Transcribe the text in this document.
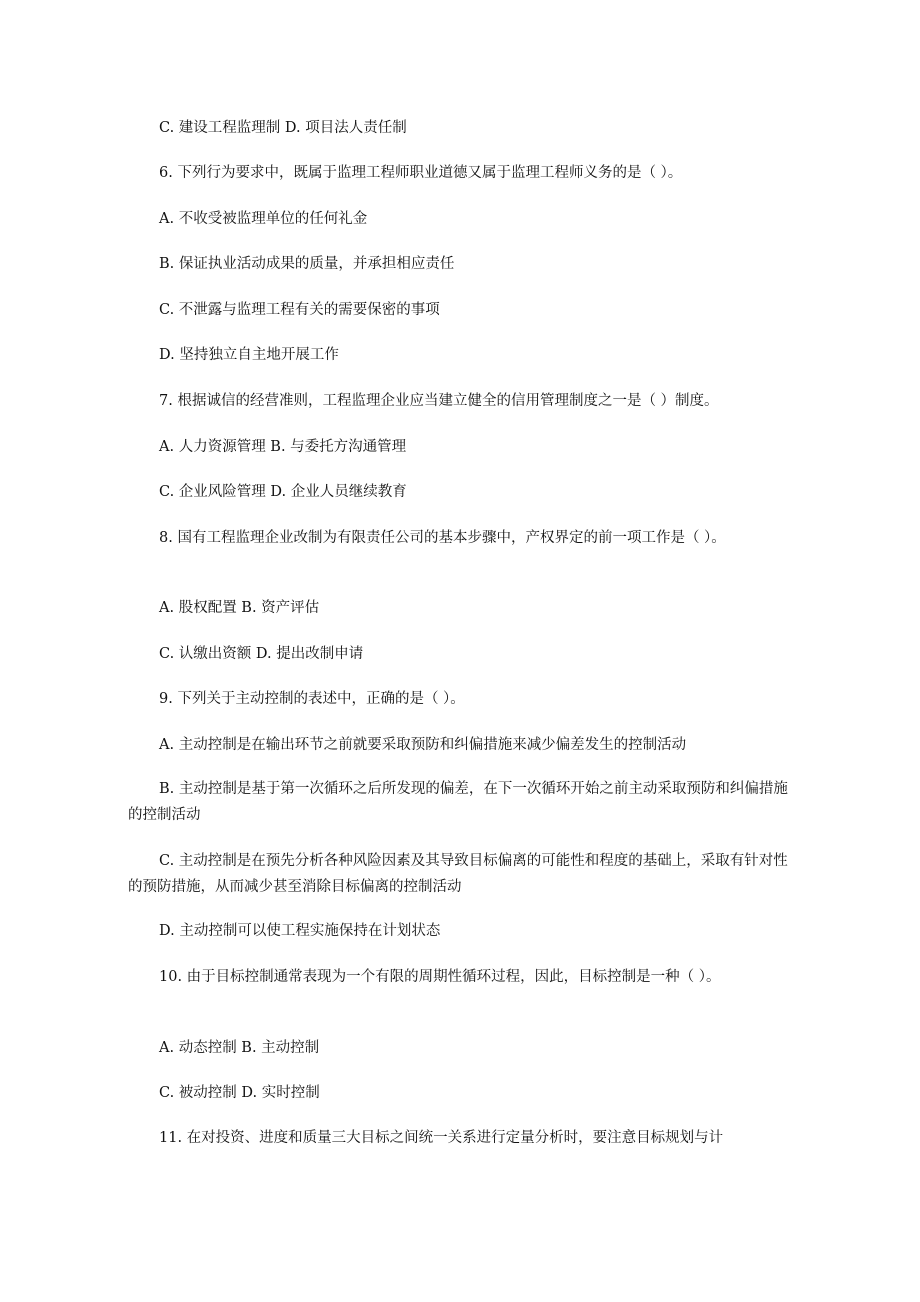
C. 建设工程监理制 D. 项目法人责任制
6. 下列行为要求中，既属于监理工程师职业道德又属于监理工程师义务的是（ ）。
A. 不收受被监理单位的任何礼金
B. 保证执业活动成果的质量，并承担相应责任
C. 不泄露与监理工程有关的需要保密的事项
D. 坚持独立自主地开展工作
7. 根据诚信的经营准则，工程监理企业应当建立健全的信用管理制度之一是（ ）制度。
A. 人力资源管理 B. 与委托方沟通管理
C. 企业风险管理 D. 企业人员继续教育
8. 国有工程监理企业改制为有限责任公司的基本步骤中，产权界定的前一项工作是（ ）。
A. 股权配置 B. 资产评估
C. 认缴出资额 D. 提出改制申请
9. 下列关于主动控制的表述中，正确的是（ ）。
A. 主动控制是在输出环节之前就要采取预防和纠偏措施来减少偏差发生的控制活动
B. 主动控制是基于第一次循环之后所发现的偏差，在下一次循环开始之前主动采取预防和纠偏措施的控制活动
C. 主动控制是在预先分析各种风险因素及其导致目标偏离的可能性和程度的基础上，采取有针对性的预防措施，从而减少甚至消除目标偏离的控制活动
D. 主动控制可以使工程实施保持在计划状态
10. 由于目标控制通常表现为一个有限的周期性循环过程，因此，目标控制是一种（ ）。
A. 动态控制 B. 主动控制
C. 被动控制 D. 实时控制
11. 在对投资、进度和质量三大目标之间统一关系进行定量分析时，要注意目标规划与计
